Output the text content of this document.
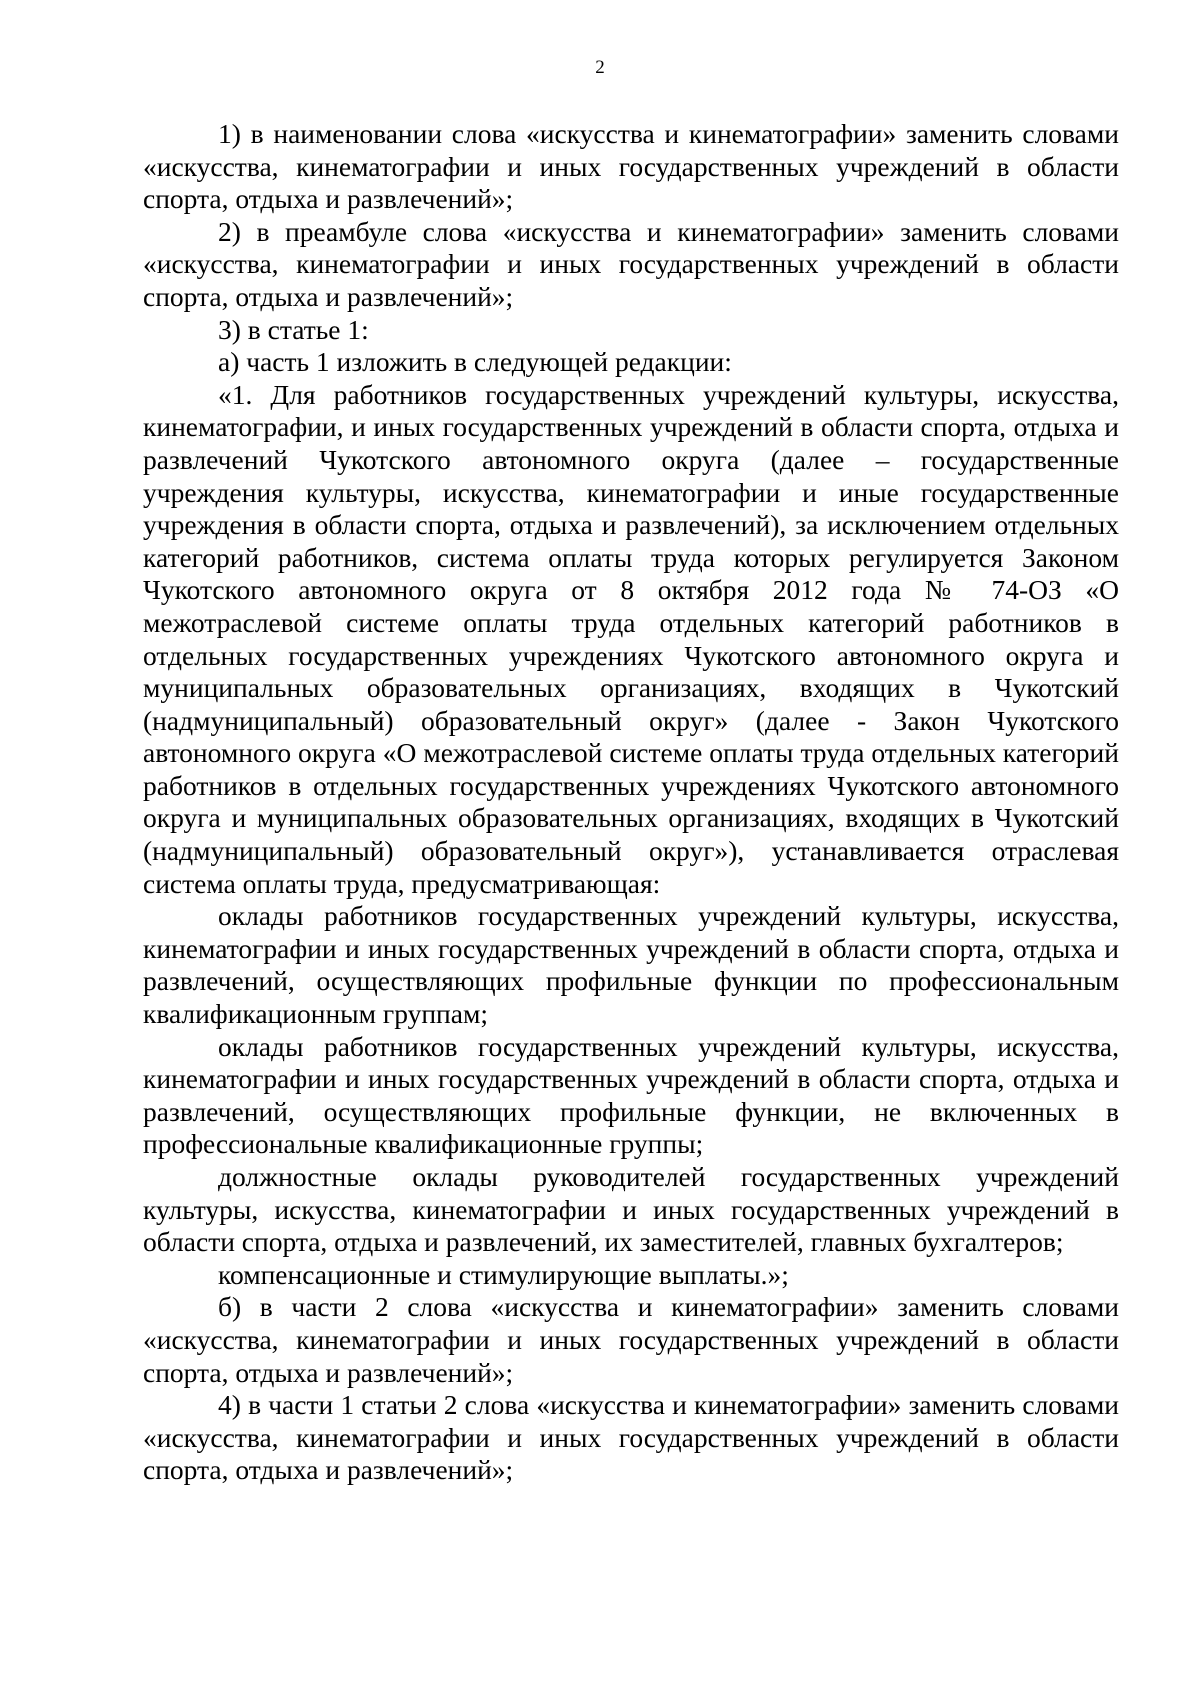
2

1) в наименовании слова «искусства и кинематографии» заменить словами «искусства, кинематографии и иных государственных учреждений в области спорта, отдыха и развлечений»;

2) в преамбуле слова «искусства и кинематографии» заменить словами «искусства, кинематографии и иных государственных учреждений в области спорта, отдыха и развлечений»;

3) в статье 1:

а) часть 1 изложить в следующей редакции:

«1. Для работников государственных учреждений культуры, искусства, кинематографии, и иных государственных учреждений в области спорта, отдыха и развлечений Чукотского автономного округа (далее – государственные учреждения культуры, искусства, кинематографии и иные государственные учреждения в области спорта, отдыха и развлечений), за исключением отдельных категорий работников, система оплаты труда которых регулируется Законом Чукотского автономного округа от 8 октября 2012 года № 74-ОЗ «О межотраслевой системе оплаты труда отдельных категорий работников в отдельных государственных учреждениях Чукотского автономного округа и муниципальных образовательных организациях, входящих в Чукотский (надмуниципальный) образовательный округ» (далее - Закон Чукотского автономного округа «О межотраслевой системе оплаты труда отдельных категорий работников в отдельных государственных учреждениях Чукотского автономного округа и муниципальных образовательных организациях, входящих в Чукотский (надмуниципальный) образовательный округ»), устанавливается отраслевая система оплаты труда, предусматривающая:

оклады работников государственных учреждений культуры, искусства, кинематографии и иных государственных учреждений в области спорта, отдыха и развлечений, осуществляющих профильные функции по профессиональным квалификационным группам;

оклады работников государственных учреждений культуры, искусства, кинематографии и иных государственных учреждений в области спорта, отдыха и развлечений, осуществляющих профильные функции, не включенных в профессиональные квалификационные группы;

должностные оклады руководителей государственных учреждений культуры, искусства, кинематографии и иных государственных учреждений в области спорта, отдыха и развлечений, их заместителей, главных бухгалтеров;

компенсационные и стимулирующие выплаты.»;

б) в части 2 слова «искусства и кинематографии» заменить словами «искусства, кинематографии и иных государственных учреждений в области спорта, отдыха и развлечений»;

4) в части 1 статьи 2 слова «искусства и кинематографии» заменить словами «искусства, кинематографии и иных государственных учреждений в области спорта, отдыха и развлечений»;
